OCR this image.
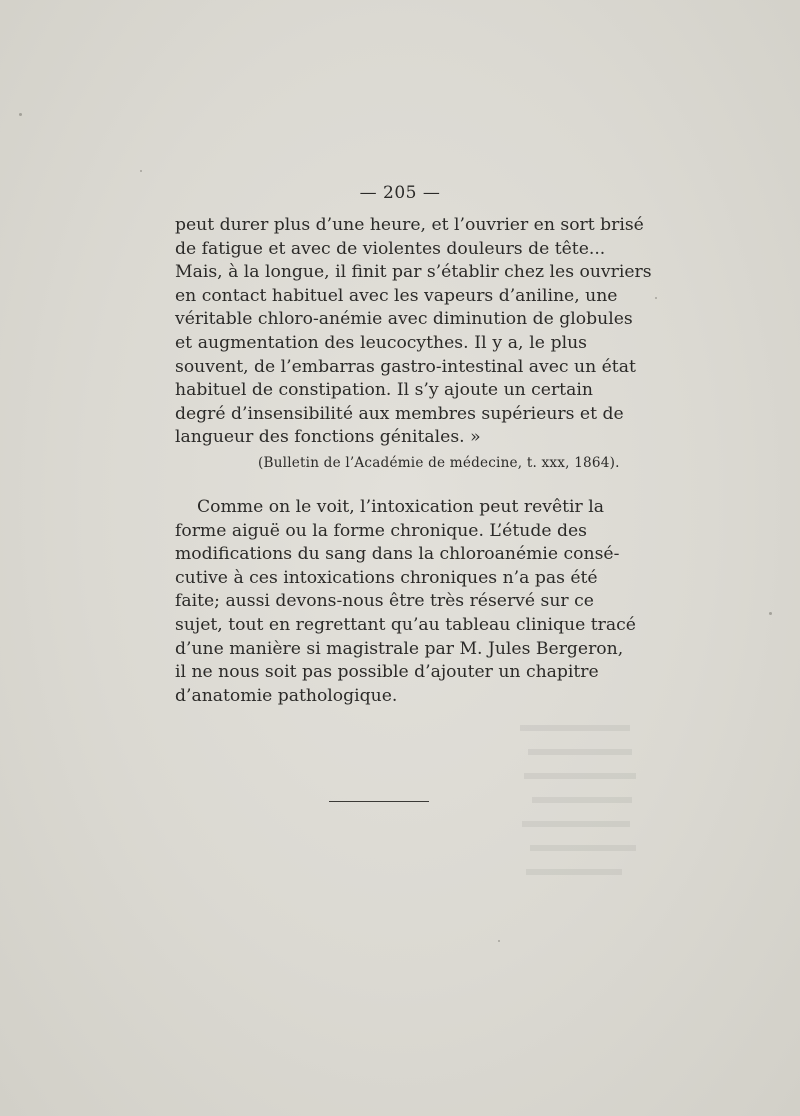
— 205 —
peut durer plus d’une heure, et l’ouvrier en sort brisé
de fatigue et avec de violentes douleurs de tête...
Mais, à la longue, il finit par s’établir chez les ouvriers
en contact habituel avec les vapeurs d’aniline, une
véritable chloro-anémie avec diminution de globules
et augmentation des leucocythes. Il y a, le plus
souvent, de l’embarras gastro-intestinal avec un état
habituel de constipation. Il s’y ajoute un certain
degré d’insensibilité aux membres supérieurs et de
langueur des fonctions génitales. »
(Bulletin de l’Académie de médecine, t. xxx, 1864).
Comme on le voit, l’intoxication peut revêtir la
forme aiguë ou la forme chronique. L’étude des
modifications du sang dans la chloroanémie consé-
cutive à ces intoxications chroniques n’a pas été
faite; aussi devons-nous être très réservé sur ce
sujet, tout en regrettant qu’au tableau clinique tracé
d’une manière si magistrale par M. Jules Bergeron,
il ne nous soit pas possible d’ajouter un chapitre
d’anatomie pathologique.
